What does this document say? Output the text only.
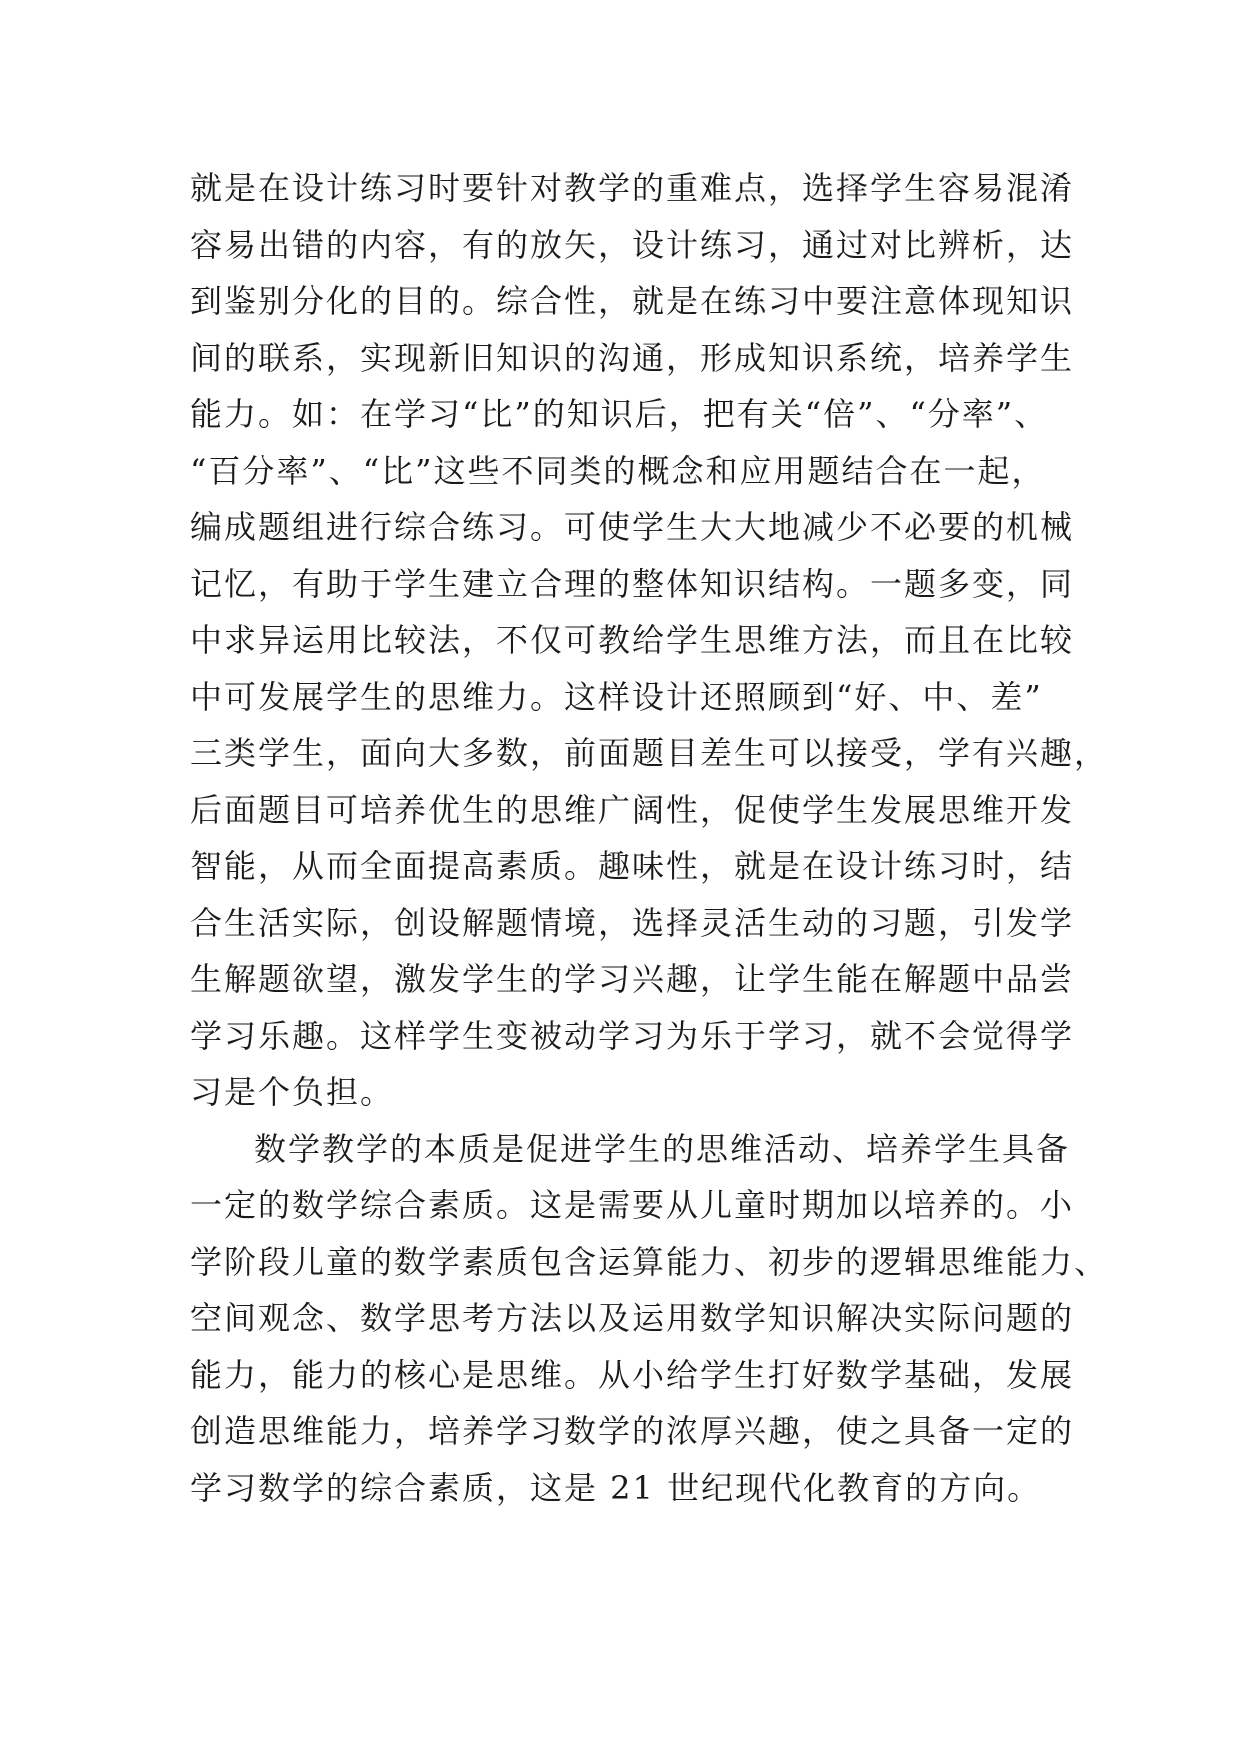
就是在设计练习时要针对教学的重难点，选择学生容易混淆
容易出错的内容，有的放矢，设计练习，通过对比辨析，达
到鉴别分化的目的。综合性，就是在练习中要注意体现知识
间的联系，实现新旧知识的沟通，形成知识系统，培养学生
能力。如：在学习“比”的知识后，把有关“倍”、“分率”、
“百分率”、“比”这些不同类的概念和应用题结合在一起，
编成题组进行综合练习。可使学生大大地减少不必要的机械
记忆，有助于学生建立合理的整体知识结构。一题多变，同
中求异运用比较法，不仅可教给学生思维方法，而且在比较
中可发展学生的思维力。这样设计还照顾到“好、中、差”
三类学生，面向大多数，前面题目差生可以接受，学有兴趣，
后面题目可培养优生的思维广阔性，促使学生发展思维开发
智能，从而全面提高素质。趣味性，就是在设计练习时，结
合生活实际，创设解题情境，选择灵活生动的习题，引发学
生解题欲望，激发学生的学习兴趣，让学生能在解题中品尝
学习乐趣。这样学生变被动学习为乐于学习，就不会觉得学
习是个负担。
数学教学的本质是促进学生的思维活动、培养学生具备
一定的数学综合素质。这是需要从儿童时期加以培养的。小
学阶段儿童的数学素质包含运算能力、初步的逻辑思维能力、
空间观念、数学思考方法以及运用数学知识解决实际问题的
能力，能力的核心是思维。从小给学生打好数学基础，发展
创造思维能力，培养学习数学的浓厚兴趣，使之具备一定的
学习数学的综合素质，这是 21 世纪现代化教育的方向。
